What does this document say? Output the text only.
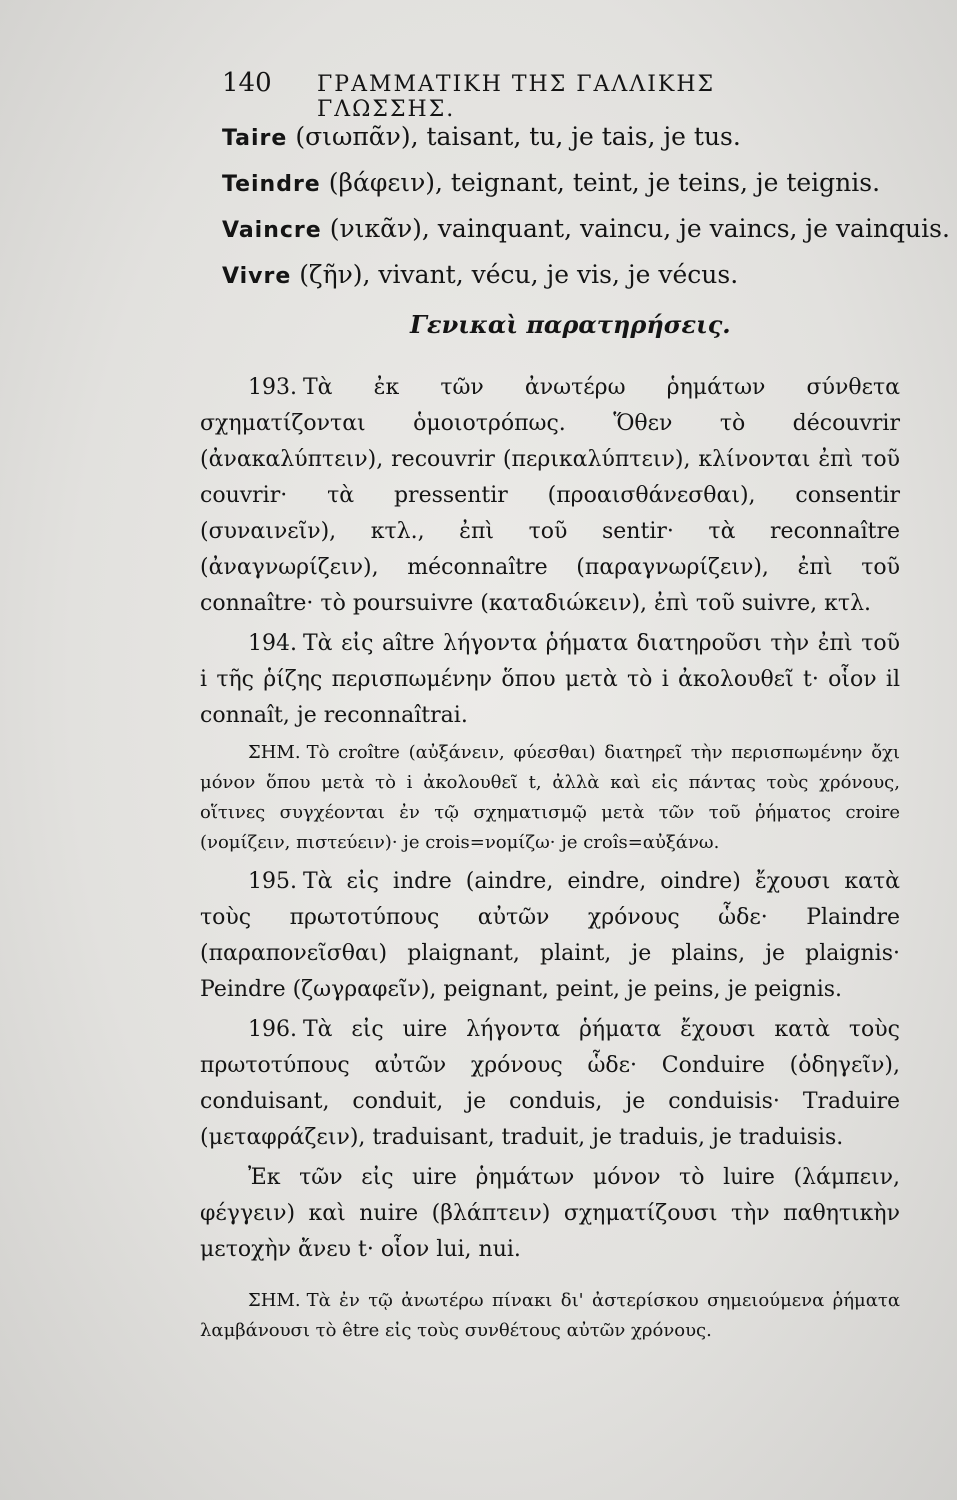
140 ΓΡΑΜΜΑΤΙΚΗ ΤΗΣ ΓΑΛΛΙΚΗΣ ΓΛΩΣΣΗΣ.
Taire (σιωπᾶν), taisant, tu, je tais, je tus.
Teindre (βάφειν), teignant, teint, je teins, je teignis.
Vaincre (νικᾶν), vainquant, vaincu, je vaincs, je vainquis.
Vivre (ζῆν), vivant, vécu, je vis, je vécus.
Γενικαὶ παρατηρήσεις.

193. Τὰ ἐκ τῶν ἀνωτέρω ῥημάτων σύνθετα σχηματίζονται ὁμοιοτρόπως. Ὅθεν τὸ découvrir (ἀνακαλύπτειν), recouvrir (περικαλύπτειν), κλίνονται ἐπὶ τοῦ couvrir· τὰ pressentir (προαισθάνεσθαι), consentir (συναινεῖν), κτλ., ἐπὶ τοῦ sentir· τὰ reconnaître (ἀναγνωρίζειν), méconnaître (παραγνωρίζειν), ἐπὶ τοῦ connaître· τὸ poursuivre (καταδιώκειν), ἐπὶ τοῦ suivre, κτλ.

194. Τὰ εἰς aître λήγοντα ῥήματα διατηροῦσι τὴν ἐπὶ τοῦ i τῆς ῥίζης περισπωμένην ὅπου μετὰ τὸ i ἀκολουθεῖ t· οἷον il connaît, je reconnaîtrai.

ΣΗΜ. Τὸ croître (αὐξάνειν, φύεσθαι) διατηρεῖ τὴν περισπωμένην ὄχι μόνον ὅπου μετὰ τὸ i ἀκολουθεῖ t, ἀλλὰ καὶ εἰς πάντας τοὺς χρόνους, οἵτινες συγχέονται ἐν τῷ σχηματισμῷ μετὰ τῶν τοῦ ῥήματος croire (νομίζειν, πιστεύειν)· je crois=νομίζω· je croîs=αὐξάνω.

195. Τὰ εἰς indre (aindre, eindre, oindre) ἔχουσι κατὰ τοὺς πρωτοτύπους αὐτῶν χρόνους ὧδε· Plaindre (παραπονεῖσθαι) plaignant, plaint, je plains, je plaignis· Peindre (ζωγραφεῖν), peignant, peint, je peins, je peignis.

196. Τὰ εἰς uire λήγοντα ῥήματα ἔχουσι κατὰ τοὺς πρωτοτύπους αὐτῶν χρόνους ὧδε· Conduire (ὁδηγεῖν), conduisant, conduit, je conduis, je conduisis· Traduire (μεταφράζειν), traduisant, traduit, je traduis, je traduisis.

Ἐκ τῶν εἰς uire ῥημάτων μόνον τὸ luire (λάμπειν, φέγγειν) καὶ nuire (βλάπτειν) σχηματίζουσι τὴν παθητικὴν μετοχὴν ἄνευ t· οἷον lui, nui.

ΣΗΜ. Τὰ ἐν τῷ ἀνωτέρω πίνακι δι' ἀστερίσκου σημειούμενα ῥήματα λαμβάνουσι τὸ être εἰς τοὺς συνθέτους αὐτῶν χρόνους.
